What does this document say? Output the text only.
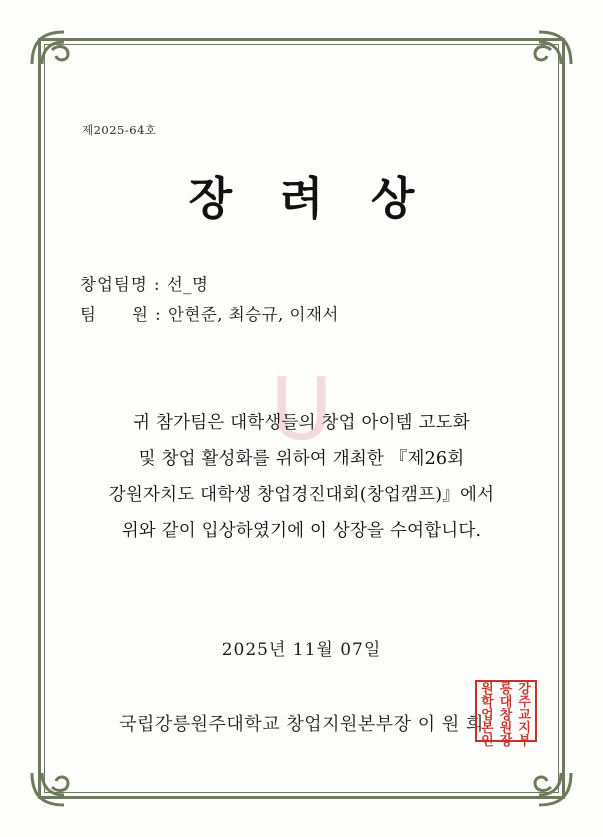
제2025-64호
장 려 상
창업팀명 : 선_명
팀　　원 : 안현준, 최승규, 이재서
U
귀 참가팀은 대학생들의 창업 아이템 고도화
및 창업 활성화를 위하여 개최한 『제26회
강원자치도 대학생 창업경진대회(창업캠프)』에서
위와 같이 입상하였기에 이 상장을 수여합니다.
2025년 11월 07일
국립강릉원주대학교 창업지원본부장 이 원 희
강
릉
원
주
대
학
교
창
업
지
원
본
부
장
인
